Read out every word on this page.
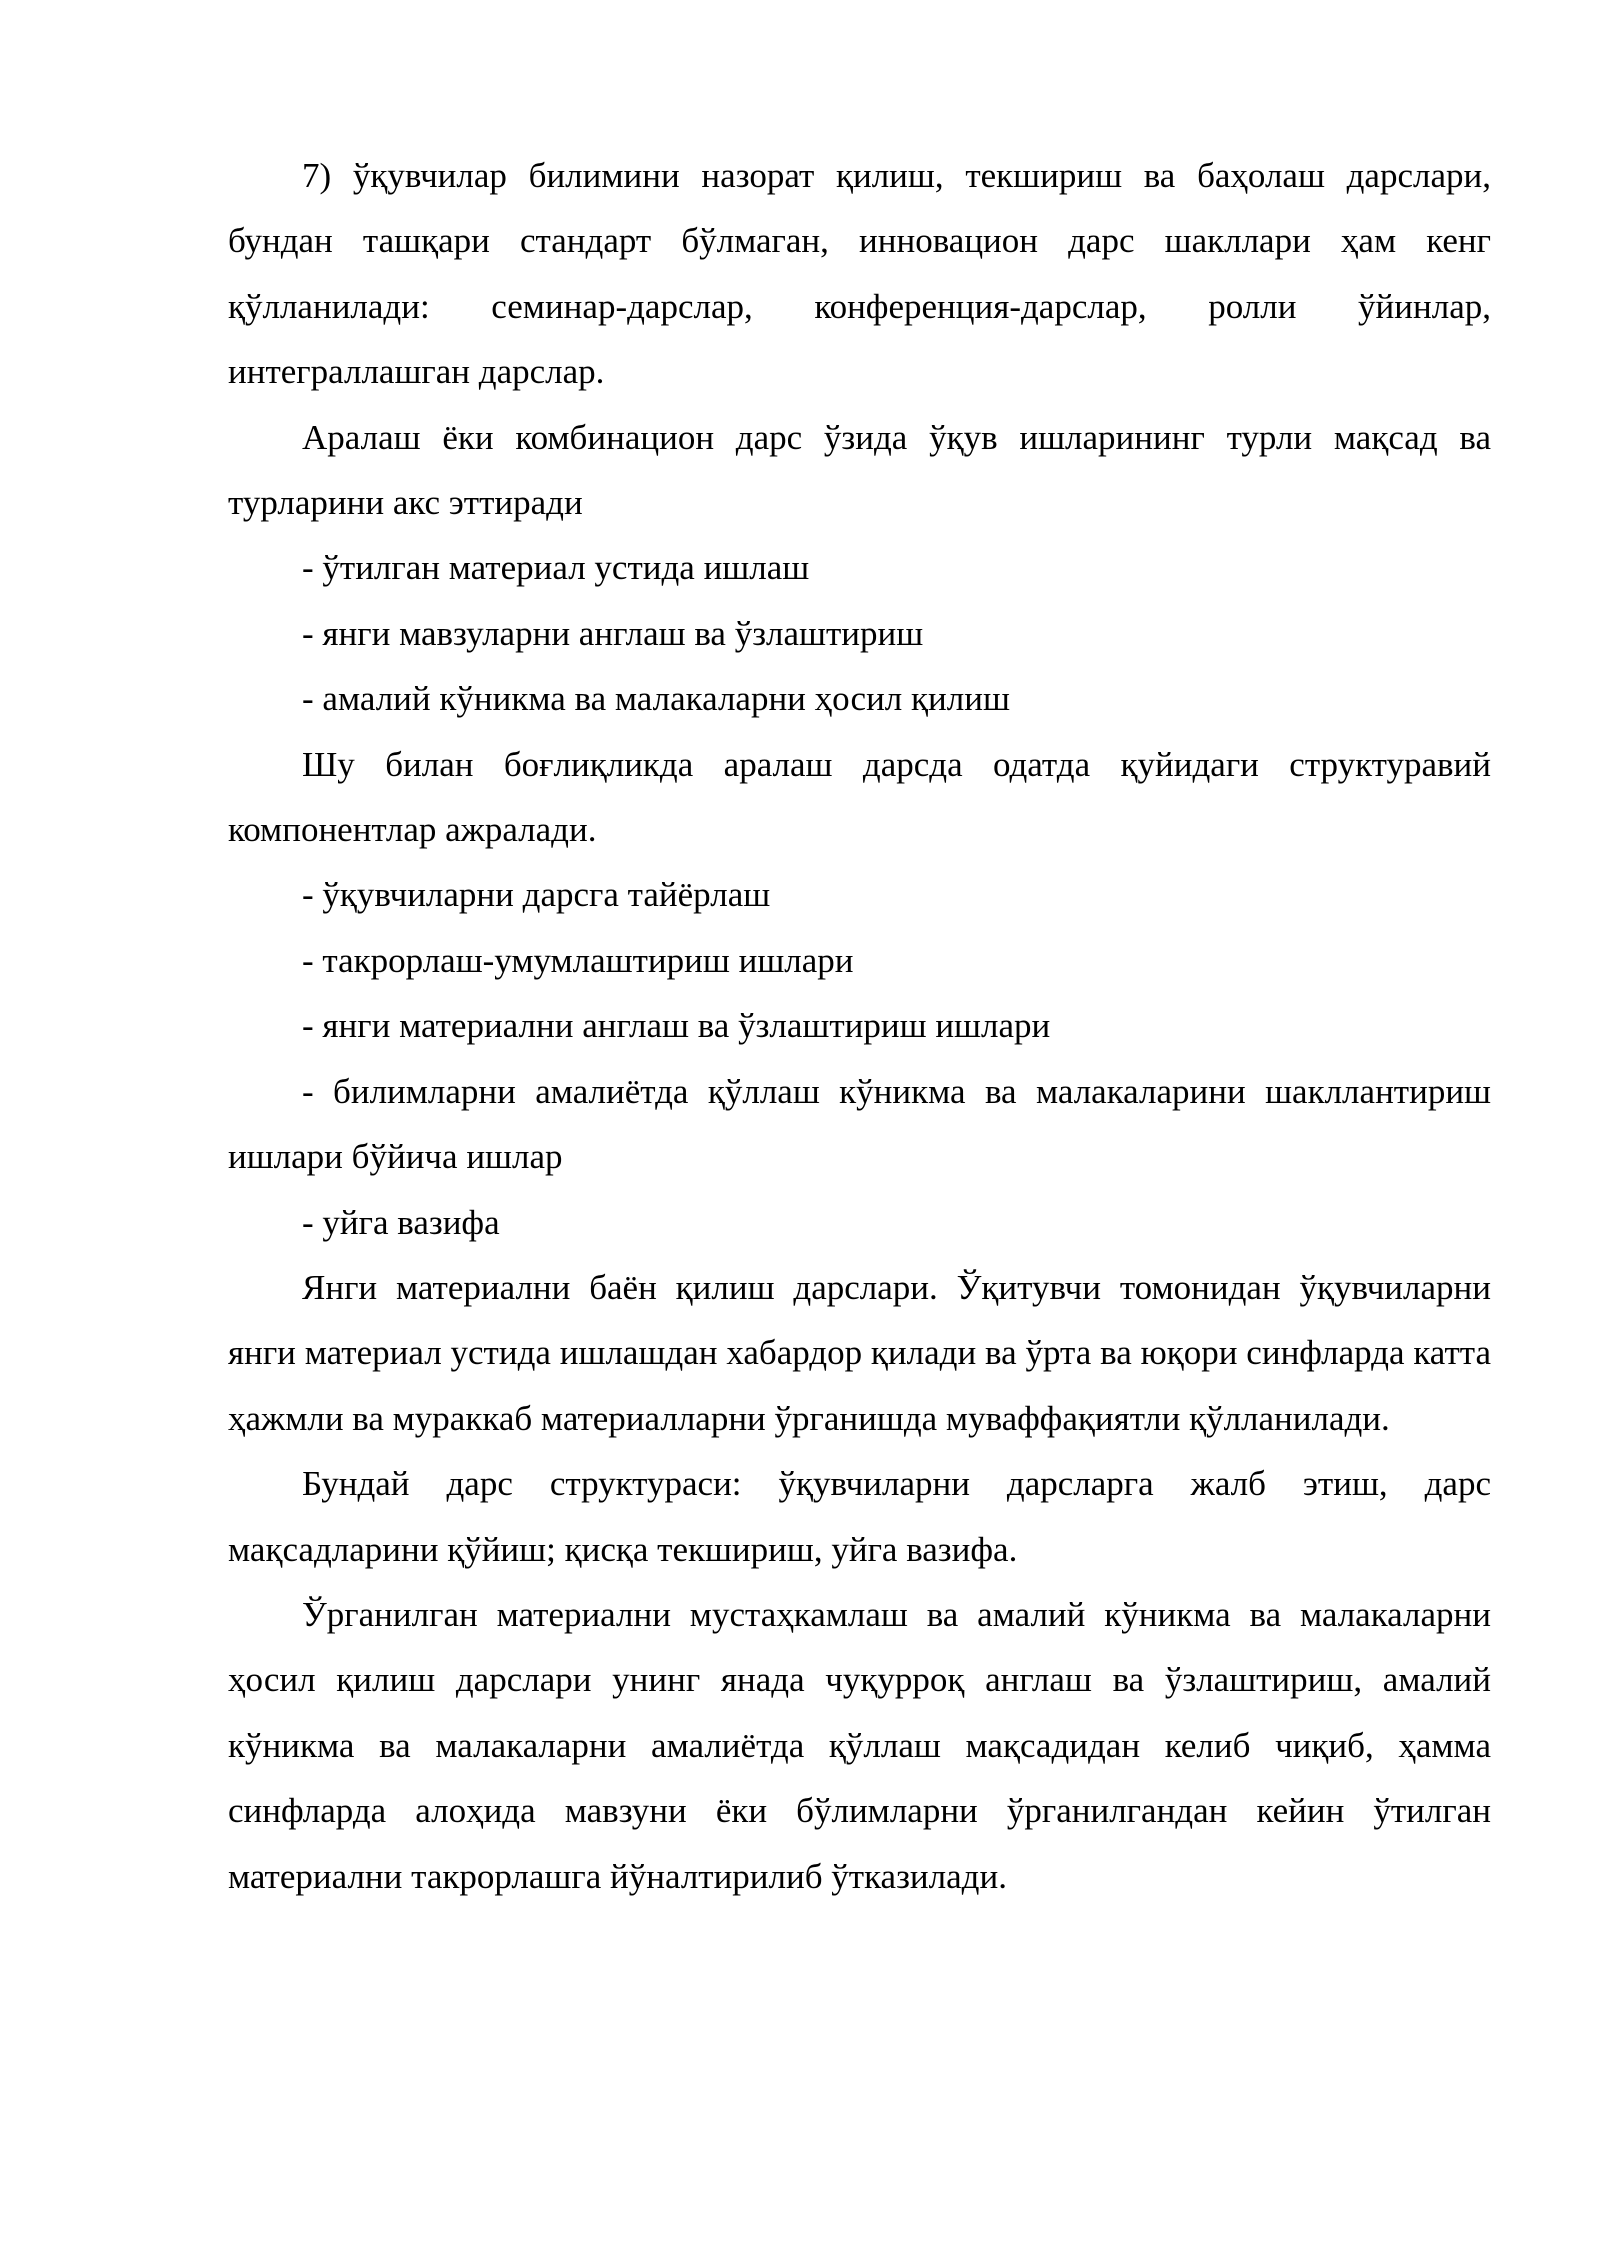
7) ўқувчилар билимини назорат қилиш, текшириш ва баҳолаш дарслари, бундан ташқари стандарт бўлмаган, инновацион дарс шакллари ҳам кенг қўлланилади: семинар-дарслар, конференция-дарслар, ролли ўйинлар, интеграллашган дарслар.

Аралаш ёки комбинацион дарс ўзида ўқув ишларининг турли мақсад ва турларини акс эттиради

- ўтилган материал устида ишлаш

- янги мавзуларни англаш ва ўзлаштириш

- амалий кўникма ва малакаларни ҳосил қилиш

Шу билан боғлиқликда аралаш дарсда одатда қуйидаги структуравий компонентлар ажралади.

- ўқувчиларни дарсга тайёрлаш

- такрорлаш-умумлаштириш ишлари

- янги материални англаш ва ўзлаштириш ишлари

- билимларни амалиётда қўллаш кўникма ва малакаларини шакллантириш ишлари бўйича ишлар

- уйга вазифа

Янги материални баён қилиш дарслари. Ўқитувчи томонидан ўқувчиларни янги материал устида ишлашдан хабардор қилади ва ўрта ва юқори синфларда катта ҳажмли ва мураккаб материалларни ўрганишда муваффақиятли қўлланилади.

Бундай дарс структураси: ўқувчиларни дарсларга жалб этиш, дарс мақсадларини қўйиш; қисқа текшириш, уйга вазифа.

Ўрганилган материални мустаҳкамлаш ва амалий кўникма ва малакаларни ҳосил қилиш дарслари унинг янада чуқурроқ англаш ва ўзлаштириш, амалий кўникма ва малакаларни амалиётда қўллаш мақсадидан келиб чиқиб, ҳамма синфларда алоҳида мавзуни ёки бўлимларни ўрганилгандан кейин ўтилган материални такрорлашга йўналтирилиб ўтказилади.
